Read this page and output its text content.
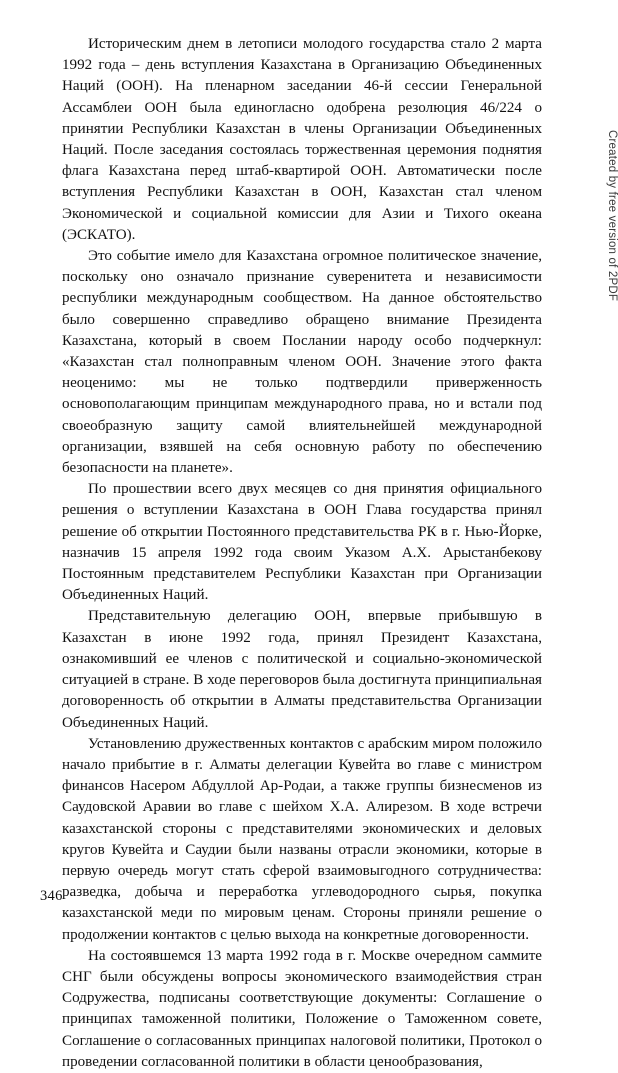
Историческим днем в летописи молодого государства стало 2 марта 1992 года – день вступления Казахстана в Организацию Объединенных Наций (ООН). На пленарном заседании 46-й сессии Генеральной Ассамблеи ООН была единогласно одобрена резолюция 46/224 о принятии Республики Казахстан в члены Организации Объединенных Наций. После заседания состоялась торжественная церемония поднятия флага Казахстана перед штаб-квартирой ООН. Автоматически после вступления Республики Казахстан в ООН, Казахстан стал членом Экономической и социальной комиссии для Азии и Тихого океана (ЭСКАТО).

Это событие имело для Казахстана огромное политическое значение, поскольку оно означало признание суверенитета и независимости республики международным сообществом. На данное обстоятельство было совершенно справедливо обращено внимание Президента Казахстана, который в своем Послании народу особо подчеркнул: «Казахстан стал полноправным членом ООН. Значение этого факта неоценимо: мы не только подтвердили приверженность основополагающим принципам международного права, но и встали под своеобразную защиту самой влиятельнейшей международной организации, взявшей на себя основную работу по обеспечению безопасности на планете».

По прошествии всего двух месяцев со дня принятия официального решения о вступлении Казахстана в ООН Глава государства принял решение об открытии Постоянного представительства РК в г. Нью-Йорке, назначив 15 апреля 1992 года своим Указом А.Х. Арыстанбекову Постоянным представителем Республики Казахстан при Организации Объединенных Наций.

Представительную делегацию ООН, впервые прибывшую в Казахстан в июне 1992 года, принял Президент Казахстана, ознакомивший ее членов с политической и социально-экономической ситуацией в стране. В ходе переговоров была достигнута принципиальная договоренность об открытии в Алматы представительства Организации Объединенных Наций.

Установлению дружественных контактов с арабским миром положило начало прибытие в г. Алматы делегации Кувейта во главе с министром финансов Насером Абдуллой Ар-Родаи, а также группы бизнесменов из Саудовской Аравии во главе с шейхом Х.А. Алирезом. В ходе встречи казахстанской стороны с представителями экономических и деловых кругов Кувейта и Саудии были названы отрасли экономики, которые в первую очередь могут стать сферой взаимовыгодного сотрудничества: разведка, добыча и переработка углеводородного сырья, покупка казахстанской меди по мировым ценам. Стороны приняли решение о продолжении контактов с целью выхода на конкретные договоренности.

На состоявшемся 13 марта 1992 года в г. Москве очередном саммите СНГ были обсуждены вопросы экономического взаимодействия стран Содружества, подписаны соответствующие документы: Соглашение о принципах таможенной политики, Положение о Таможенном совете, Соглашение о согласованных принципах налоговой политики, Протокол о проведении согласованной политики в области ценообразования,

346
Created by free version of 2PDF
